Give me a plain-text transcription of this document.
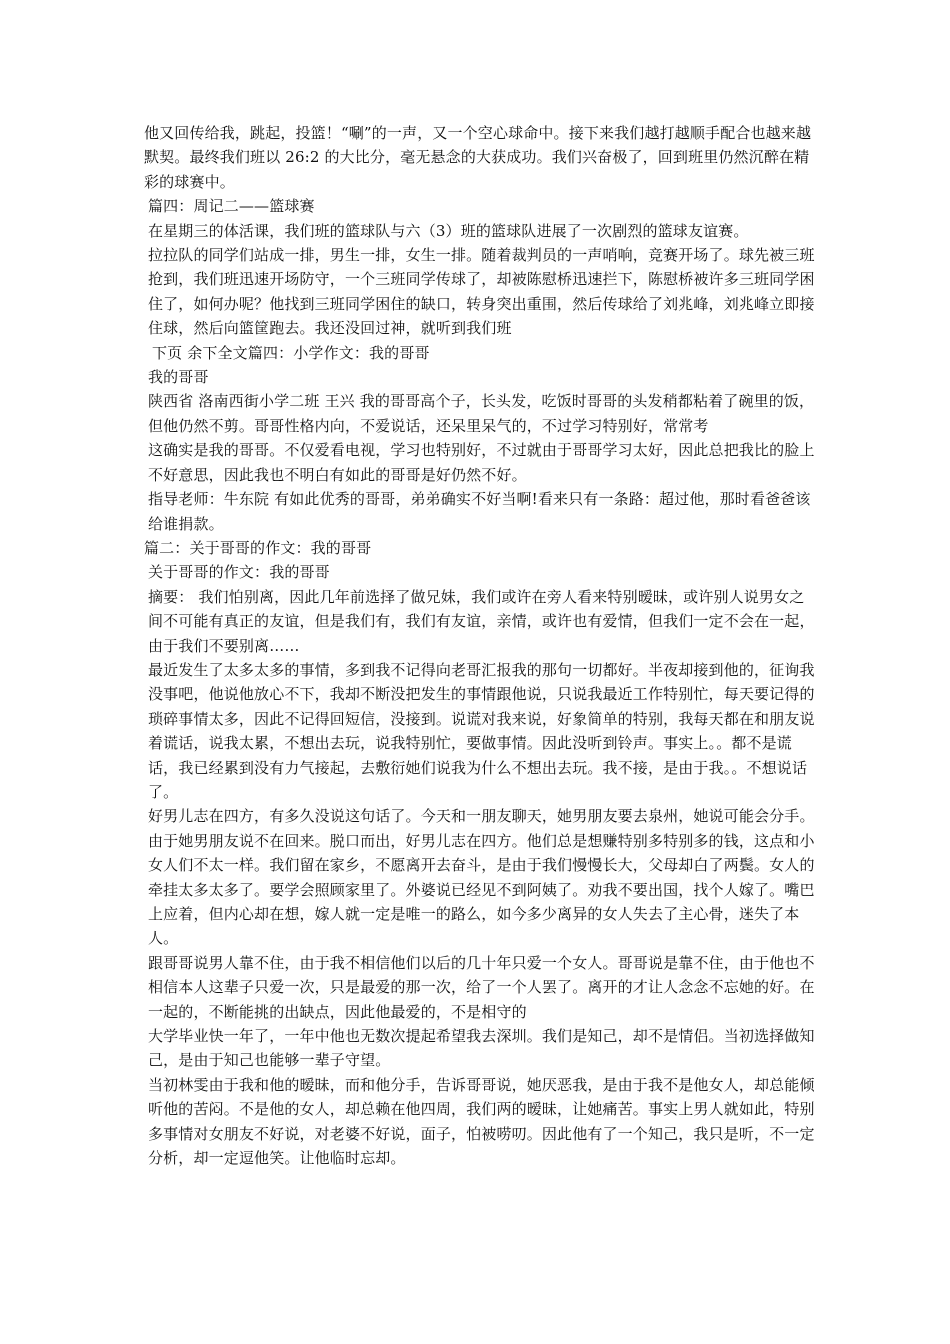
他又回传给我，跳起，投篮！“唰”的一声，又一个空心球命中。接下来我们越打越顺手配合也越来越默契。最终我们班以 26:2 的大比分，毫无悬念的大获成功。我们兴奋极了，回到班里仍然沉醉在精彩的球赛中。

篇四：周记二——篮球赛

在星期三的体活课，我们班的篮球队与六（3）班的篮球队进展了一次剧烈的篮球友谊赛。

拉拉队的同学们站成一排，男生一排，女生一排。随着裁判员的一声哨响，竞赛开场了。球先被三班抢到，我们班迅速开场防守，一个三班同学传球了，却被陈慰桥迅速拦下，陈慰桥被许多三班同学困住了，如何办呢？他找到三班同学困住的缺口，转身突出重围，然后传球给了刘兆峰，刘兆峰立即接住球，然后向篮筐跑去。我还没回过神，就听到我们班

下页 余下全文篇四：小学作文：我的哥哥

我的哥哥

陕西省 洛南西街小学二班 王兴 我的哥哥高个子，长头发，吃饭时哥哥的头发稍都粘着了碗里的饭，但他仍然不剪。哥哥性格内向，不爱说话，还呆里呆气的，不过学习特别好，常常考

这确实是我的哥哥。不仅爱看电视，学习也特别好，不过就由于哥哥学习太好，因此总把我比的脸上不好意思，因此我也不明白有如此的哥哥是好仍然不好。

指导老师：牛东院 有如此优秀的哥哥，弟弟确实不好当啊!看来只有一条路：超过他，那时看爸爸该给谁捐款。

篇二：关于哥哥的作文：我的哥哥

关于哥哥的作文：我的哥哥

摘要： 我们怕别离，因此几年前选择了做兄妹，我们或许在旁人看来特别暧昧，或许别人说男女之间不可能有真正的友谊，但是我们有，我们有友谊，亲情，或许也有爱情，但我们一定不会在一起，由于我们不要别离……

最近发生了太多太多的事情，多到我不记得向老哥汇报我的那句一切都好。半夜却接到他的，征询我没事吧，他说他放心不下，我却不断没把发生的事情跟他说，只说我最近工作特别忙，每天要记得的琐碎事情太多，因此不记得回短信，没接到。说谎对我来说，好象简单的特别，我每天都在和朋友说着谎话，说我太累，不想出去玩，说我特别忙，要做事情。因此没听到铃声。事实上。。都不是谎话，我已经累到没有力气接起，去敷衍她们说我为什么不想出去玩。我不接，是由于我。。不想说话了。

好男儿志在四方，有多久没说这句话了。今天和一朋友聊天，她男朋友要去泉州，她说可能会分手。由于她男朋友说不在回来。脱口而出，好男儿志在四方。他们总是想赚特别多特别多的钱，这点和小女人们不太一样。我们留在家乡，不愿离开去奋斗，是由于我们慢慢长大，父母却白了两鬓。女人的牵挂太多太多了。要学会照顾家里了。外婆说已经见不到阿姨了。劝我不要出国，找个人嫁了。嘴巴上应着，但内心却在想，嫁人就一定是唯一的路么，如今多少离异的女人失去了主心骨，迷失了本人。

跟哥哥说男人靠不住，由于我不相信他们以后的几十年只爱一个女人。哥哥说是靠不住，由于他也不相信本人这辈子只爱一次，只是最爱的那一次，给了一个人罢了。离开的才让人念念不忘她的好。在一起的，不断能挑的出缺点，因此他最爱的，不是相守的

大学毕业快一年了，一年中他也无数次提起希望我去深圳。我们是知己，却不是情侣。当初选择做知己，是由于知己也能够一辈子守望。

当初林雯由于我和他的暧昧，而和他分手，告诉哥哥说，她厌恶我，是由于我不是他女人，却总能倾听他的苦闷。不是他的女人，却总赖在他四周，我们两的暧昧，让她痛苦。事实上男人就如此，特别多事情对女朋友不好说，对老婆不好说，面子，怕被唠叨。因此他有了一个知己，我只是听，不一定分析，却一定逗他笑。让他临时忘却。
